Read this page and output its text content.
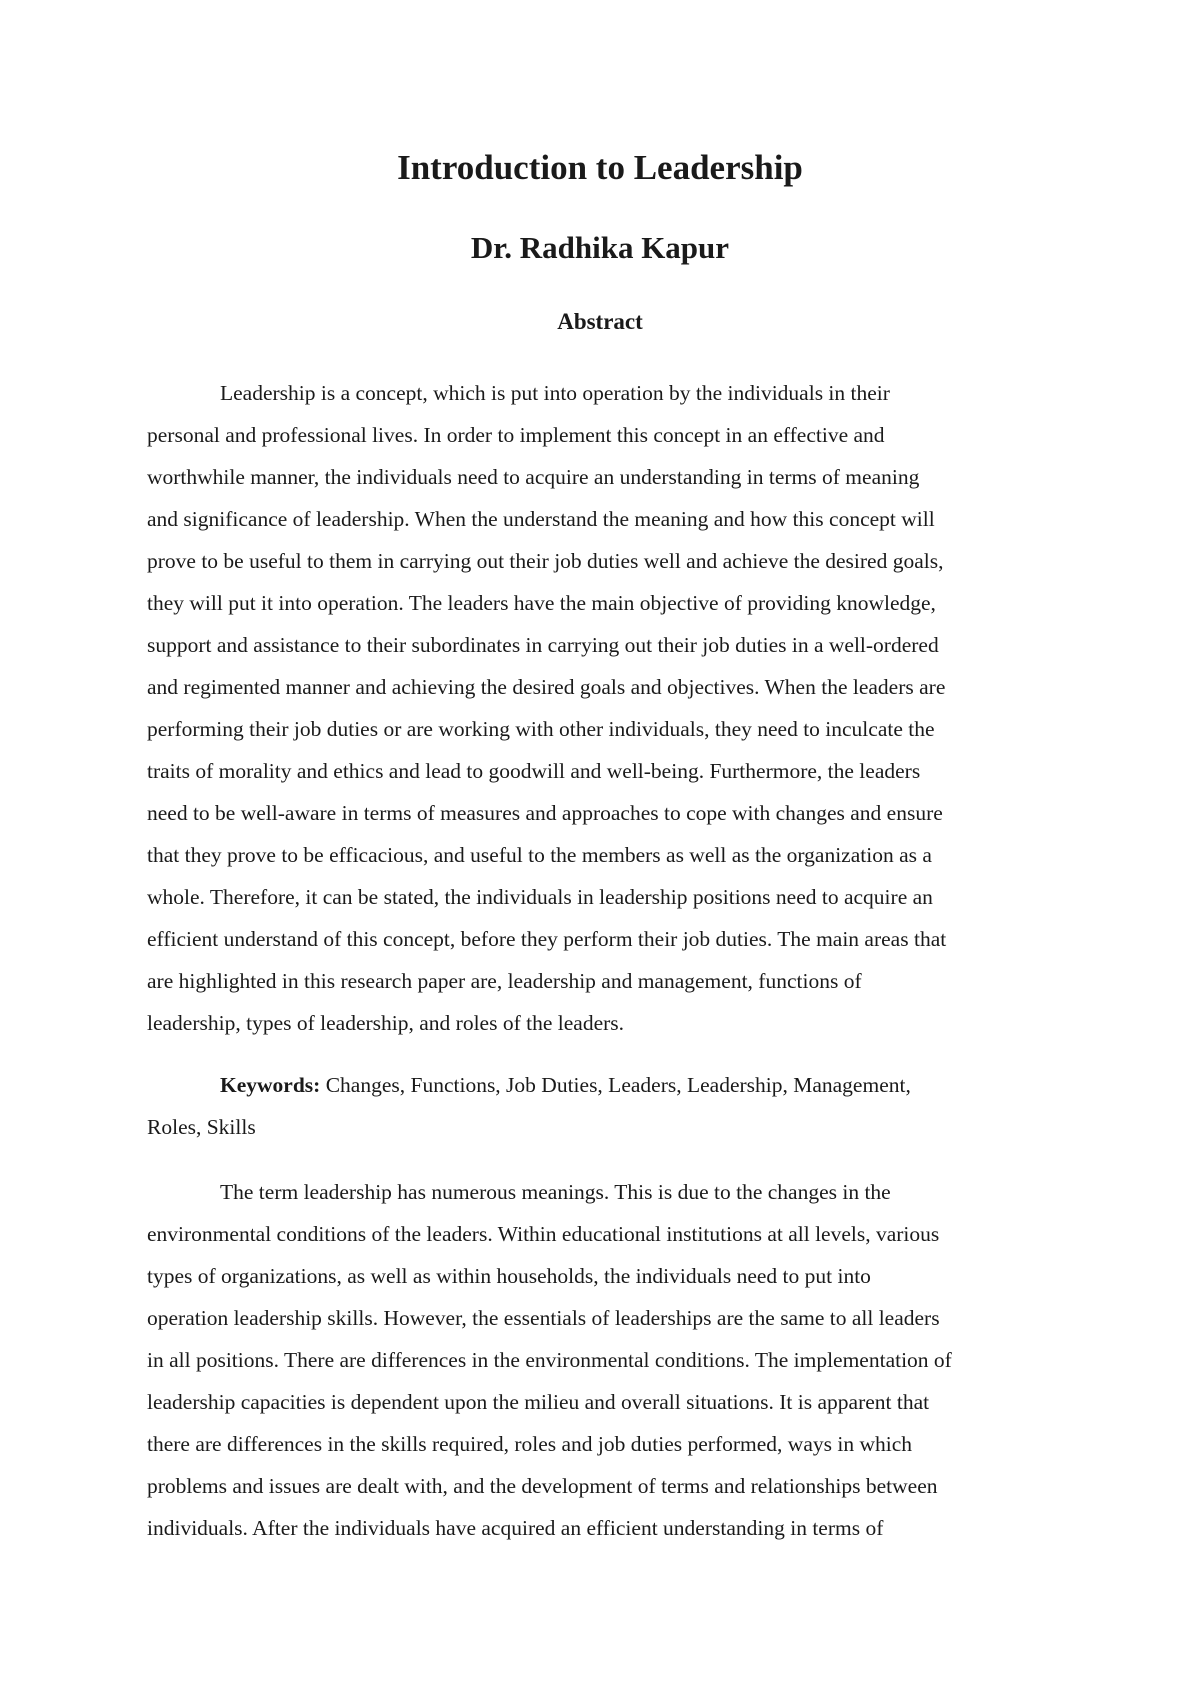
Introduction to Leadership
Dr. Radhika Kapur
Abstract

Leadership is a concept, which is put into operation by the individuals in their
personal and professional lives. In order to implement this concept in an effective and
worthwhile manner, the individuals need to acquire an understanding in terms of meaning
and significance of leadership. When the understand the meaning and how this concept will
prove to be useful to them in carrying out their job duties well and achieve the desired goals,
they will put it into operation. The leaders have the main objective of providing knowledge,
support and assistance to their subordinates in carrying out their job duties in a well-ordered
and regimented manner and achieving the desired goals and objectives. When the leaders are
performing their job duties or are working with other individuals, they need to inculcate the
traits of morality and ethics and lead to goodwill and well-being. Furthermore, the leaders
need to be well-aware in terms of measures and approaches to cope with changes and ensure
that they prove to be efficacious, and useful to the members as well as the organization as a
whole. Therefore, it can be stated, the individuals in leadership positions need to acquire an
efficient understand of this concept, before they perform their job duties. The main areas that
are highlighted in this research paper are, leadership and management, functions of
leadership, types of leadership, and roles of the leaders.

Keywords: Changes, Functions, Job Duties, Leaders, Leadership, Management,
Roles, Skills

The term leadership has numerous meanings. This is due to the changes in the
environmental conditions of the leaders. Within educational institutions at all levels, various
types of organizations, as well as within households, the individuals need to put into
operation leadership skills. However, the essentials of leaderships are the same to all leaders
in all positions. There are differences in the environmental conditions. The implementation of
leadership capacities is dependent upon the milieu and overall situations. It is apparent that
there are differences in the skills required, roles and job duties performed, ways in which
problems and issues are dealt with, and the development of terms and relationships between
individuals. After the individuals have acquired an efficient understanding in terms of
